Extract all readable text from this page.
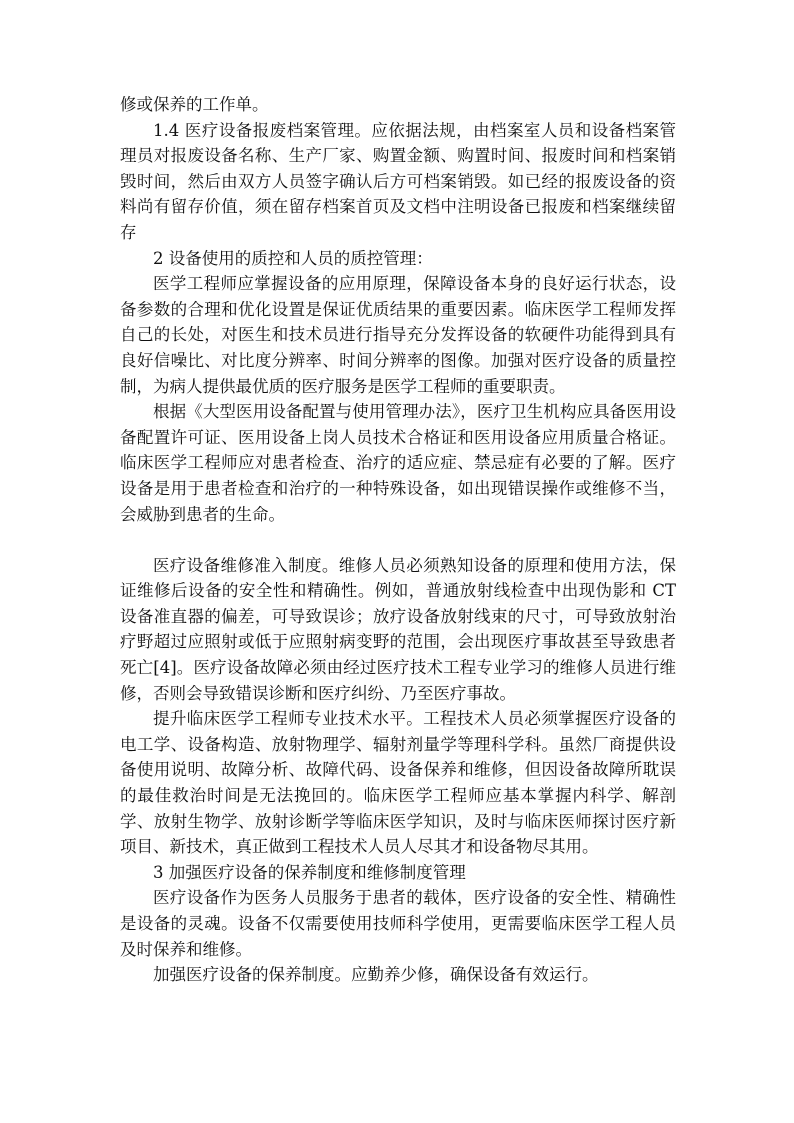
修或保养的工作单。

1.4 医疗设备报废档案管理。应依据法规，由档案室人员和设备档案管理员对报废设备名称、生产厂家、购置金额、购置时间、报废时间和档案销毁时间，然后由双方人员签字确认后方可档案销毁。如已经的报废设备的资料尚有留存价值，须在留存档案首页及文档中注明设备已报废和档案继续留存

2 设备使用的质控和人员的质控管理：

医学工程师应掌握设备的应用原理，保障设备本身的良好运行状态，设备参数的合理和优化设置是保证优质结果的重要因素。临床医学工程师发挥自己的长处，对医生和技术员进行指导充分发挥设备的软硬件功能得到具有良好信噪比、对比度分辨率、时间分辨率的图像。加强对医疗设备的质量控制，为病人提供最优质的医疗服务是医学工程师的重要职责。

根据《大型医用设备配置与使用管理办法》，医疗卫生机构应具备医用设备配置许可证、医用设备上岗人员技术合格证和医用设备应用质量合格证。临床医学工程师应对患者检查、治疗的适应症、禁忌症有必要的了解。医疗设备是用于患者检查和治疗的一种特殊设备，如出现错误操作或维修不当，会威胁到患者的生命。

医疗设备维修准入制度。维修人员必须熟知设备的原理和使用方法，保证维修后设备的安全性和精确性。例如，普通放射线检查中出现伪影和 CT 设备准直器的偏差，可导致误诊；放疗设备放射线束的尺寸，可导致放射治疗野超过应照射或低于应照射病变野的范围，会出现医疗事故甚至导致患者死亡[4]。医疗设备故障必须由经过医疗技术工程专业学习的维修人员进行维修，否则会导致错误诊断和医疗纠纷、乃至医疗事故。

提升临床医学工程师专业技术水平。工程技术人员必须掌握医疗设备的电工学、设备构造、放射物理学、辐射剂量学等理科学科。虽然厂商提供设备使用说明、故障分析、故障代码、设备保养和维修，但因设备故障所耽误的最佳救治时间是无法挽回的。临床医学工程师应基本掌握内科学、解剖学、放射生物学、放射诊断学等临床医学知识，及时与临床医师探讨医疗新项目、新技术，真正做到工程技术人员人尽其才和设备物尽其用。

3 加强医疗设备的保养制度和维修制度管理

医疗设备作为医务人员服务于患者的载体，医疗设备的安全性、精确性是设备的灵魂。设备不仅需要使用技师科学使用，更需要临床医学工程人员及时保养和维修。

加强医疗设备的保养制度。应勤养少修，确保设备有效运行。
